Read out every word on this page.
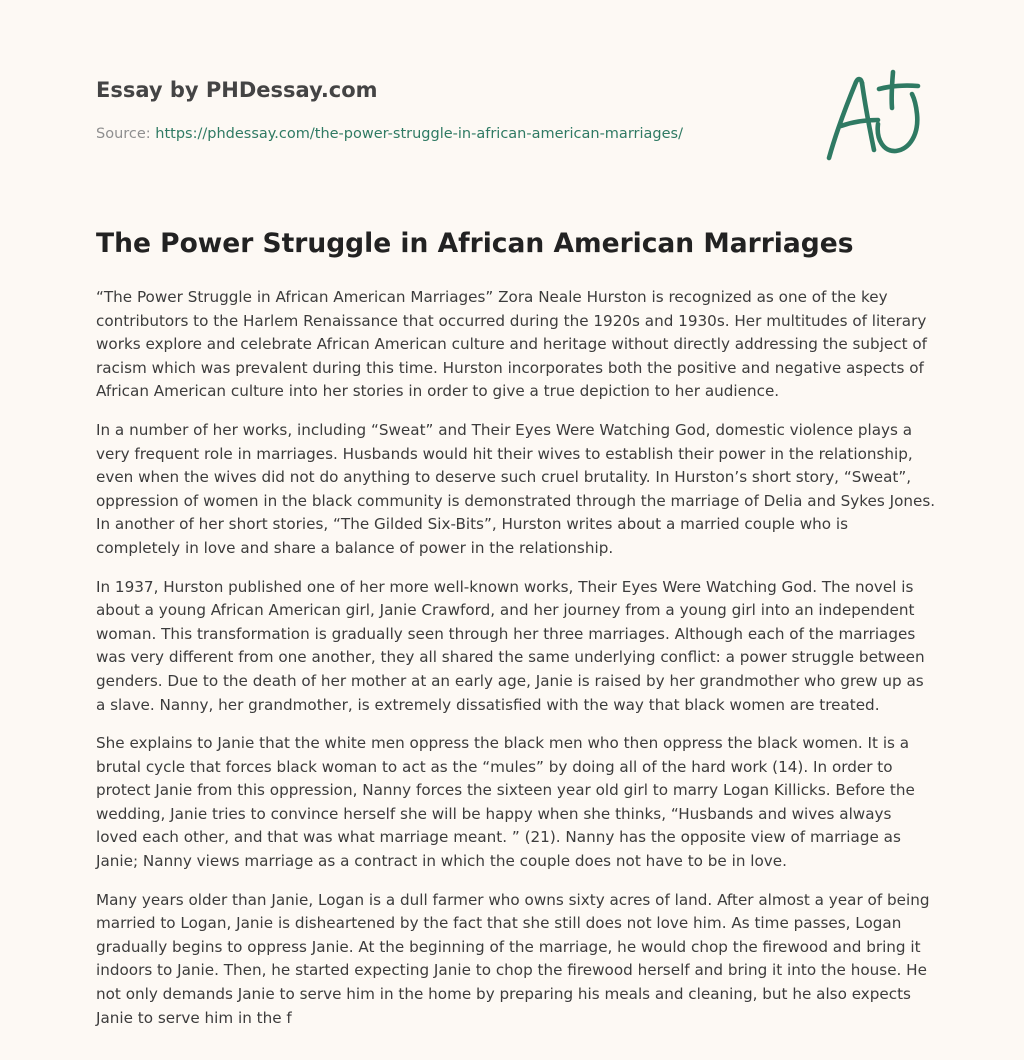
Essay by PHDessay.com
Source: https://phdessay.com/the-power-struggle-in-african-american-marriages/
The Power Struggle in African American Marriages

“The Power Struggle in African American Marriages” Zora Neale Hurston is recognized as one of the key contributors to the Harlem Renaissance that occurred during the 1920s and 1930s. Her multitudes of literary works explore and celebrate African American culture and heritage without directly addressing the subject of racism which was prevalent during this time. Hurston incorporates both the positive and negative aspects of African American culture into her stories in order to give a true depiction to her audience.

In a number of her works, including “Sweat” and Their Eyes Were Watching God, domestic violence plays a very frequent role in marriages. Husbands would hit their wives to establish their power in the relationship, even when the wives did not do anything to deserve such cruel brutality. In Hurston’s short story, “Sweat”, oppression of women in the black community is demonstrated through the marriage of Delia and Sykes Jones. In another of her short stories, “The Gilded Six-Bits”, Hurston writes about a married couple who is completely in love and share a balance of power in the relationship.

In 1937, Hurston published one of her more well-known works, Their Eyes Were Watching God. The novel is about a young African American girl, Janie Crawford, and her journey from a young girl into an independent woman. This transformation is gradually seen through her three marriages. Although each of the marriages was very different from one another, they all shared the same underlying conflict: a power struggle between genders. Due to the death of her mother at an early age, Janie is raised by her grandmother who grew up as a slave. Nanny, her grandmother, is extremely dissatisfied with the way that black women are treated.

She explains to Janie that the white men oppress the black men who then oppress the black women. It is a brutal cycle that forces black woman to act as the “mules” by doing all of the hard work (14). In order to protect Janie from this oppression, Nanny forces the sixteen year old girl to marry Logan Killicks. Before the wedding, Janie tries to convince herself she will be happy when she thinks, “Husbands and wives always loved each other, and that was what marriage meant. ” (21). Nanny has the opposite view of marriage as Janie; Nanny views marriage as a contract in which the couple does not have to be in love.

Many years older than Janie, Logan is a dull farmer who owns sixty acres of land. After almost a year of being married to Logan, Janie is disheartened by the fact that she still does not love him. As time passes, Logan gradually begins to oppress Janie. At the beginning of the marriage, he would chop the firewood and bring it indoors to Janie. Then, he started expecting Janie to chop the firewood herself and bring it into the house. He not only demands Janie to serve him in the home by preparing his meals and cleaning, but he also expects Janie to serve him in the f
